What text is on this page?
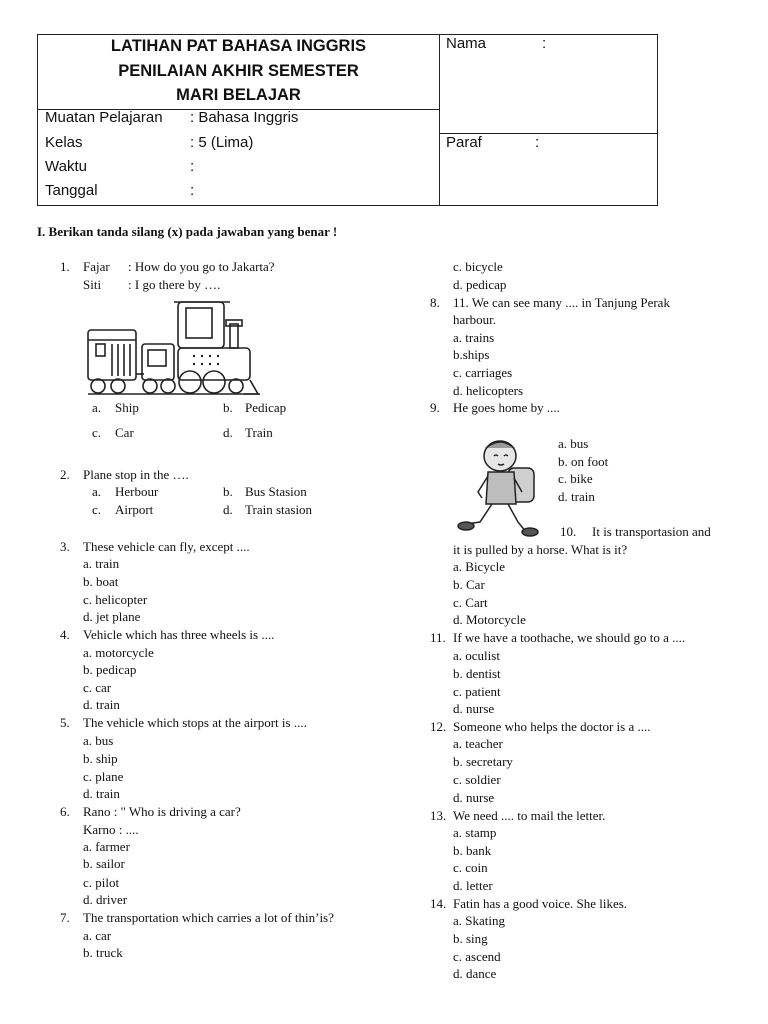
LATIHAN PAT BAHASA INGGRIS
PENILAIAN AKHIR SEMESTER
MARI BELAJAR
Muatan Pelajaran : Bahasa Inggris
Kelas	: 5 (Lima)
Waktu	:
Tanggal	:
Nama	:
Paraf	:
I. Berikan tanda silang (x) pada jawaban yang benar !
1. Fajar : How do you go to Jakarta?
Siti : I go there by ….
a. Ship	b. Pedicap
c. Car	d. Train
2. Plane stop in the ….
a. Herbour	b. Bus Stasion
c. Airport	d. Train stasion
3. These vehicle can fly, except ....
a. train
b. boat
c. helicopter
d. jet plane
4. Vehicle which has three wheels is ....
a. motorcycle
b. pedicap
c. car
d. train
5. The vehicle which stops at the airport is ....
a. bus
b. ship
c. plane
d. train
6. Rano : " Who is driving a car?
Karno : ....
a. farmer
b. sailor
c. pilot
d. driver
7. The transportation which carries a lot of thin’is?
a. car
b. truck
c. bicycle
d. pedicap
8. 11. We can see many .... in Tanjung Perak
harbour.
a. trains
b.ships
c. carriages
d. helicopters
9. He goes home by ....
a. bus
b. on foot
c. bike
d. train
10. It is transportasion and
it is pulled by a horse. What is it?
a. Bicycle
b. Car
c. Cart
d. Motorcycle
11. If we have a toothache, we should go to a ....
a. oculist
b. dentist
c. patient
d. nurse
12. Someone who helps the doctor is a ....
a. teacher
b. secretary
c. soldier
d. nurse
13. We need .... to mail the letter.
a. stamp
b. bank
c. coin
d. letter
14. Fatin has a good voice. She likes.
a. Skating
b. sing
c. ascend
d. dance
